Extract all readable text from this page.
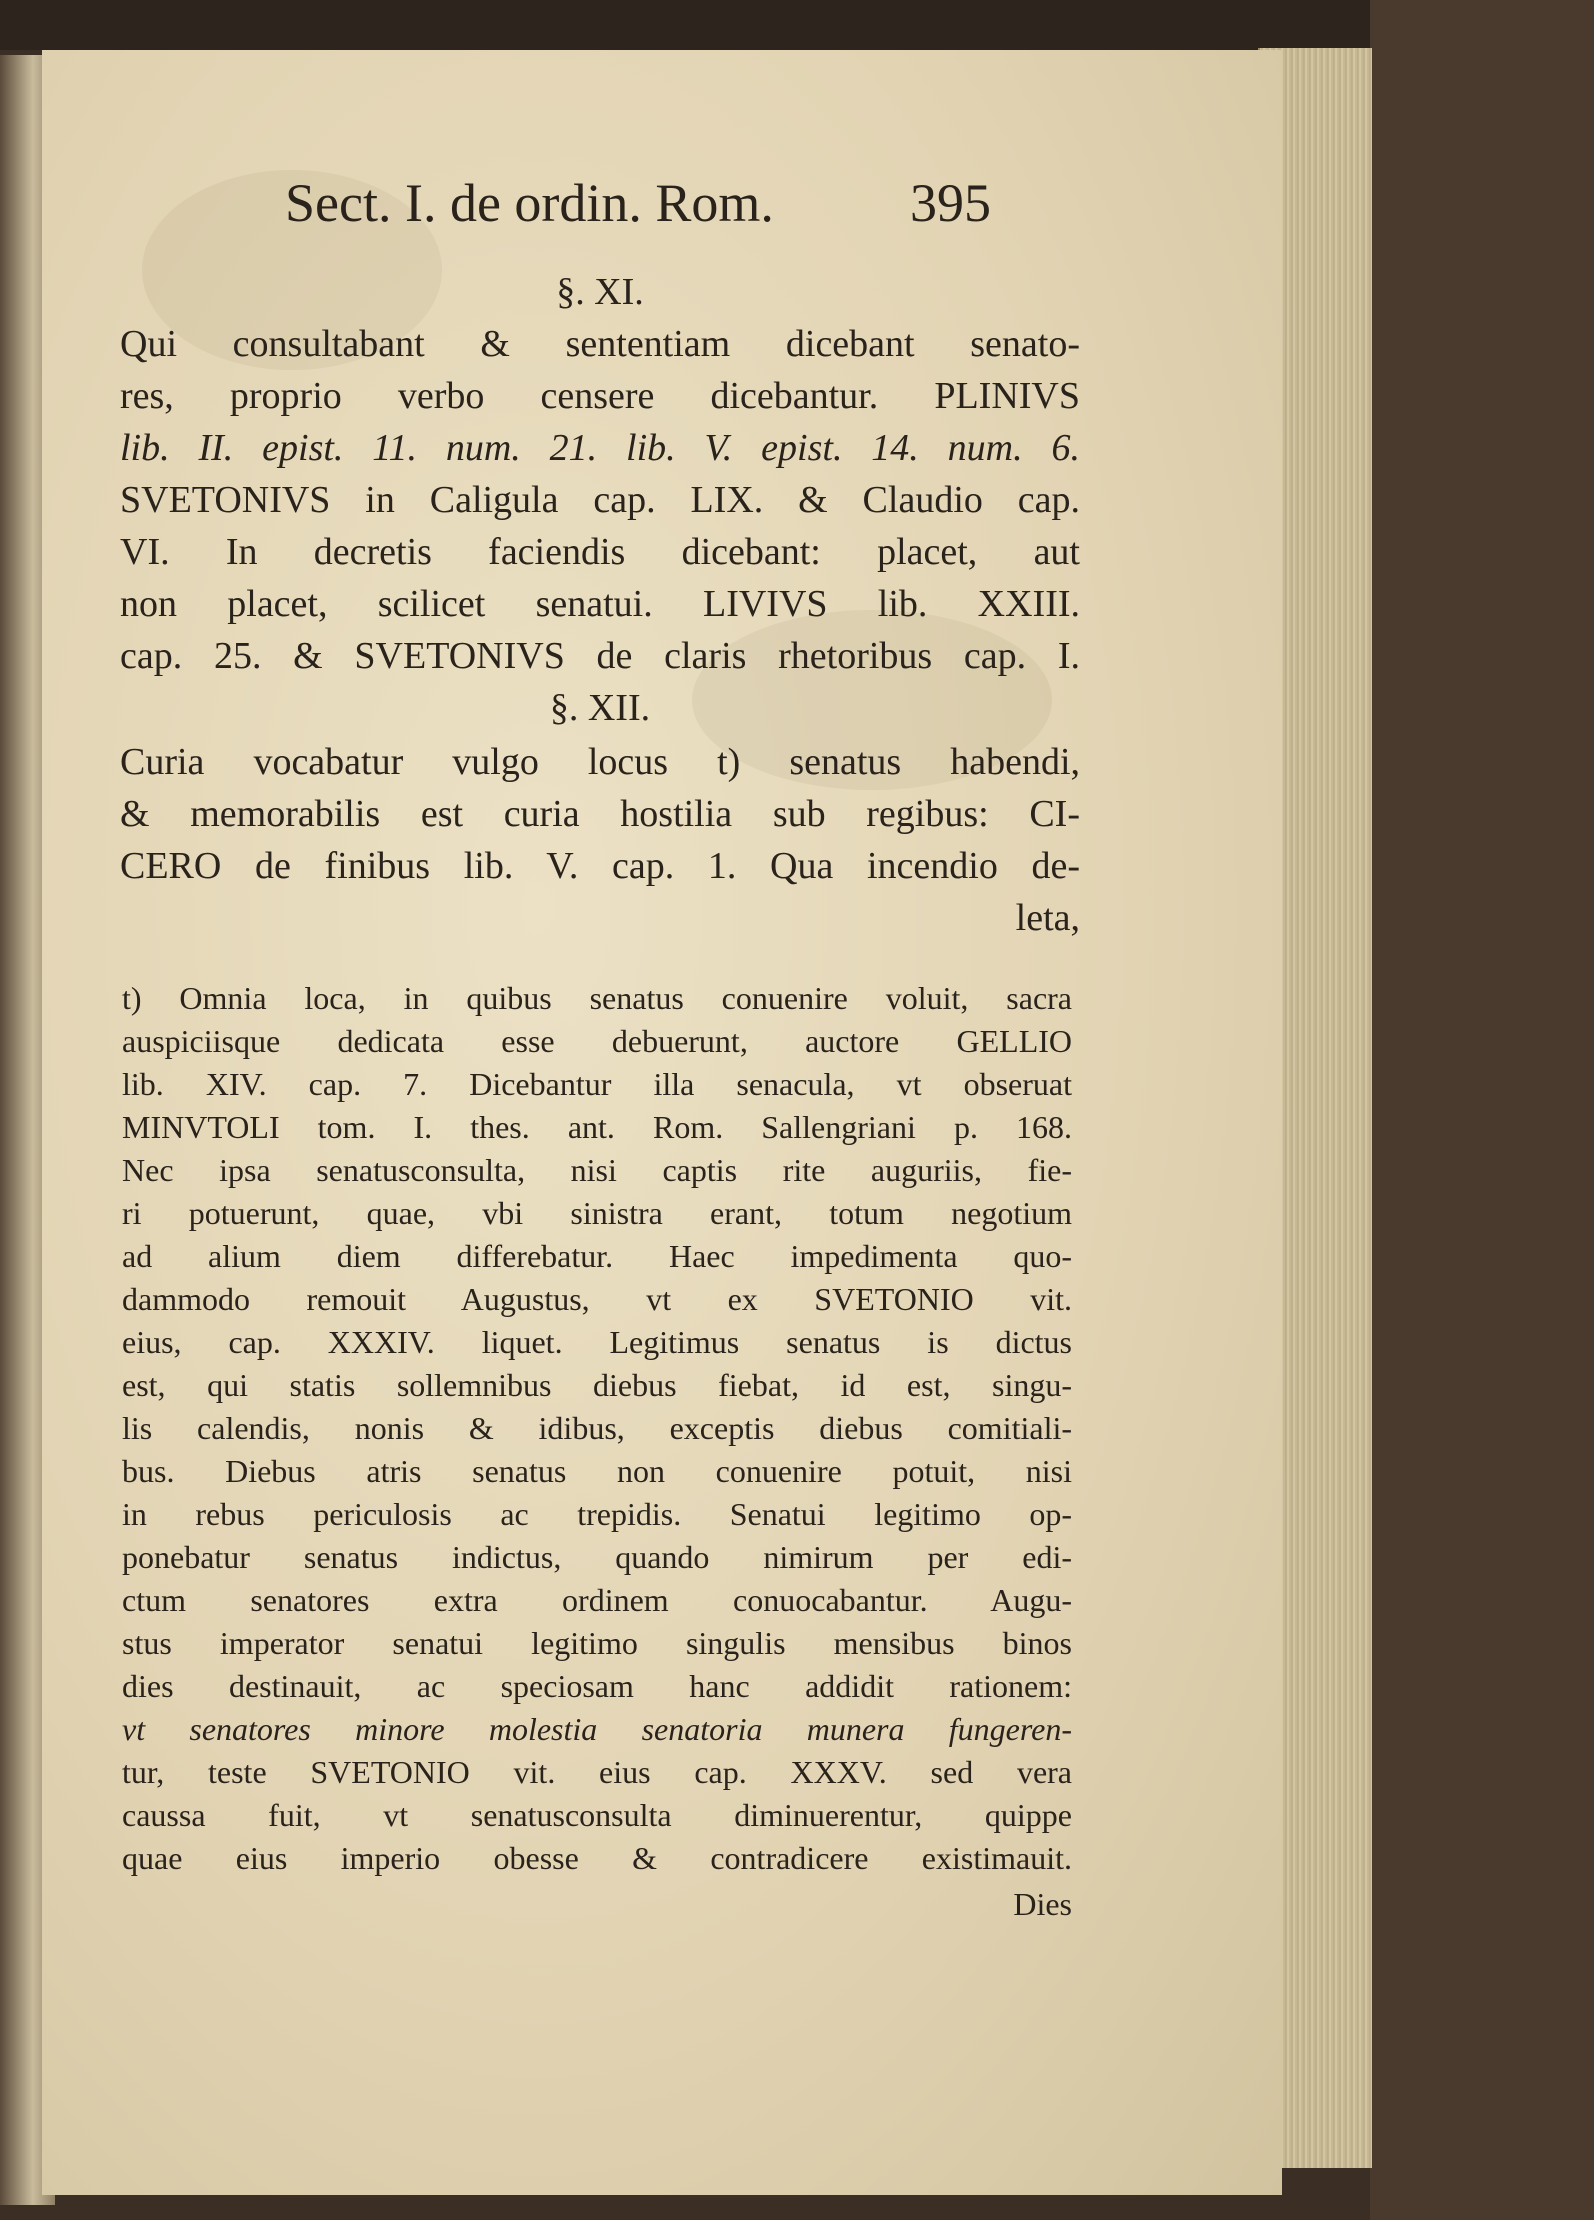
Sect. I. de ordin. Rom.	395
§. XI.
Qui consultabant & sententiam dicebant senato-
res, proprio verbo censere dicebantur. PLINIVS
lib. II. epist. 11. num. 21. lib. V. epist. 14. num. 6.
SVETONIVS in Caligula cap. LIX. & Claudio cap.
VI. In decretis faciendis dicebant: placet, aut
non placet, scilicet senatui. LIVIVS lib. XXIII.
cap. 25. & SVETONIVS de claris rhetoribus cap. I.
§. XII.
Curia vocabatur vulgo locus t) senatus habendi,
& memorabilis est curia hostilia sub regibus: CI-
CERO de finibus lib. V. cap. 1. Qua incendio de-
leta,
t) Omnia loca, in quibus senatus conuenire voluit, sacra
auspiciisque dedicata esse debuerunt, auctore GELLIO
lib. XIV. cap. 7. Dicebantur illa senacula, vt obseruat
MINVTOLI tom. I. thes. ant. Rom. Sallengriani p. 168.
Nec ipsa senatusconsulta, nisi captis rite auguriis, fie-
ri potuerunt, quae, vbi sinistra erant, totum negotium
ad alium diem differebatur. Haec impedimenta quo-
dammodo remouit Augustus, vt ex SVETONIO vit.
eius, cap. XXXIV. liquet. Legitimus senatus is dictus
est, qui statis sollemnibus diebus fiebat, id est, singu-
lis calendis, nonis & idibus, exceptis diebus comitiali-
bus. Diebus atris senatus non conuenire potuit, nisi
in rebus periculosis ac trepidis. Senatui legitimo op-
ponebatur senatus indictus, quando nimirum per edi-
ctum senatores extra ordinem conuocabantur. Augu-
stus imperator senatui legitimo singulis mensibus binos
dies destinauit, ac speciosam hanc addidit rationem:
vt senatores minore molestia senatoria munera fungeren-
tur, teste SVETONIO vit. eius cap. XXXV. sed vera
caussa fuit, vt senatusconsulta diminuerentur, quippe
quae eius imperio obesse & contradicere existimauit.
Dies
